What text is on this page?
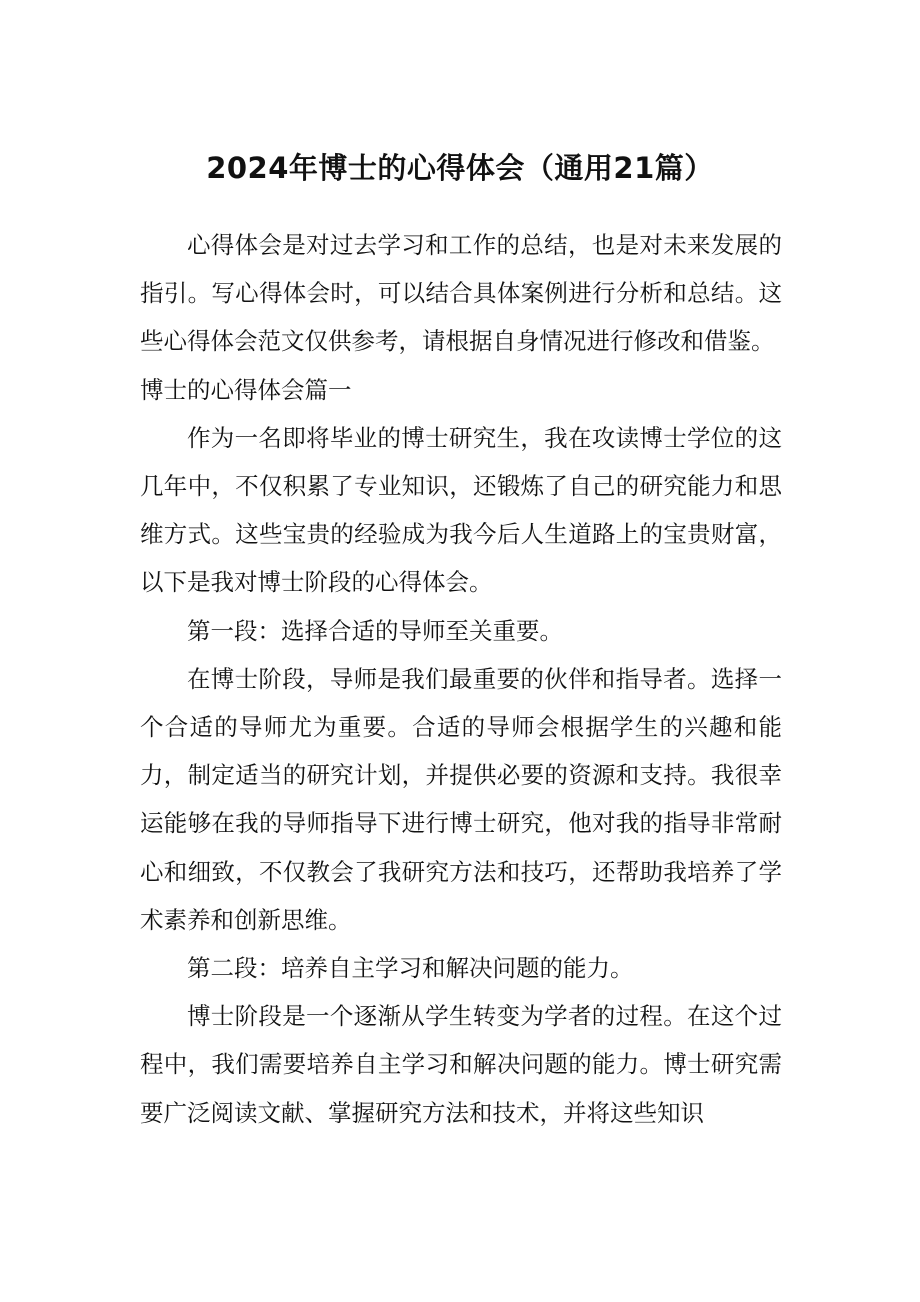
2024年博士的心得体会（通用21篇）

心得体会是对过去学习和工作的总结，也是对未来发展的指引。写心得体会时，可以结合具体案例进行分析和总结。这些心得体会范文仅供参考，请根据自身情况进行修改和借鉴。

博士的心得体会篇一

作为一名即将毕业的博士研究生，我在攻读博士学位的这几年中，不仅积累了专业知识，还锻炼了自己的研究能力和思维方式。这些宝贵的经验成为我今后人生道路上的宝贵财富，以下是我对博士阶段的心得体会。

第一段：选择合适的导师至关重要。

在博士阶段，导师是我们最重要的伙伴和指导者。选择一个合适的导师尤为重要。合适的导师会根据学生的兴趣和能力，制定适当的研究计划，并提供必要的资源和支持。我很幸运能够在我的导师指导下进行博士研究，他对我的指导非常耐心和细致，不仅教会了我研究方法和技巧，还帮助我培养了学术素养和创新思维。

第二段：培养自主学习和解决问题的能力。

博士阶段是一个逐渐从学生转变为学者的过程。在这个过程中，我们需要培养自主学习和解决问题的能力。博士研究需要广泛阅读文献、掌握研究方法和技术，并将这些知识
